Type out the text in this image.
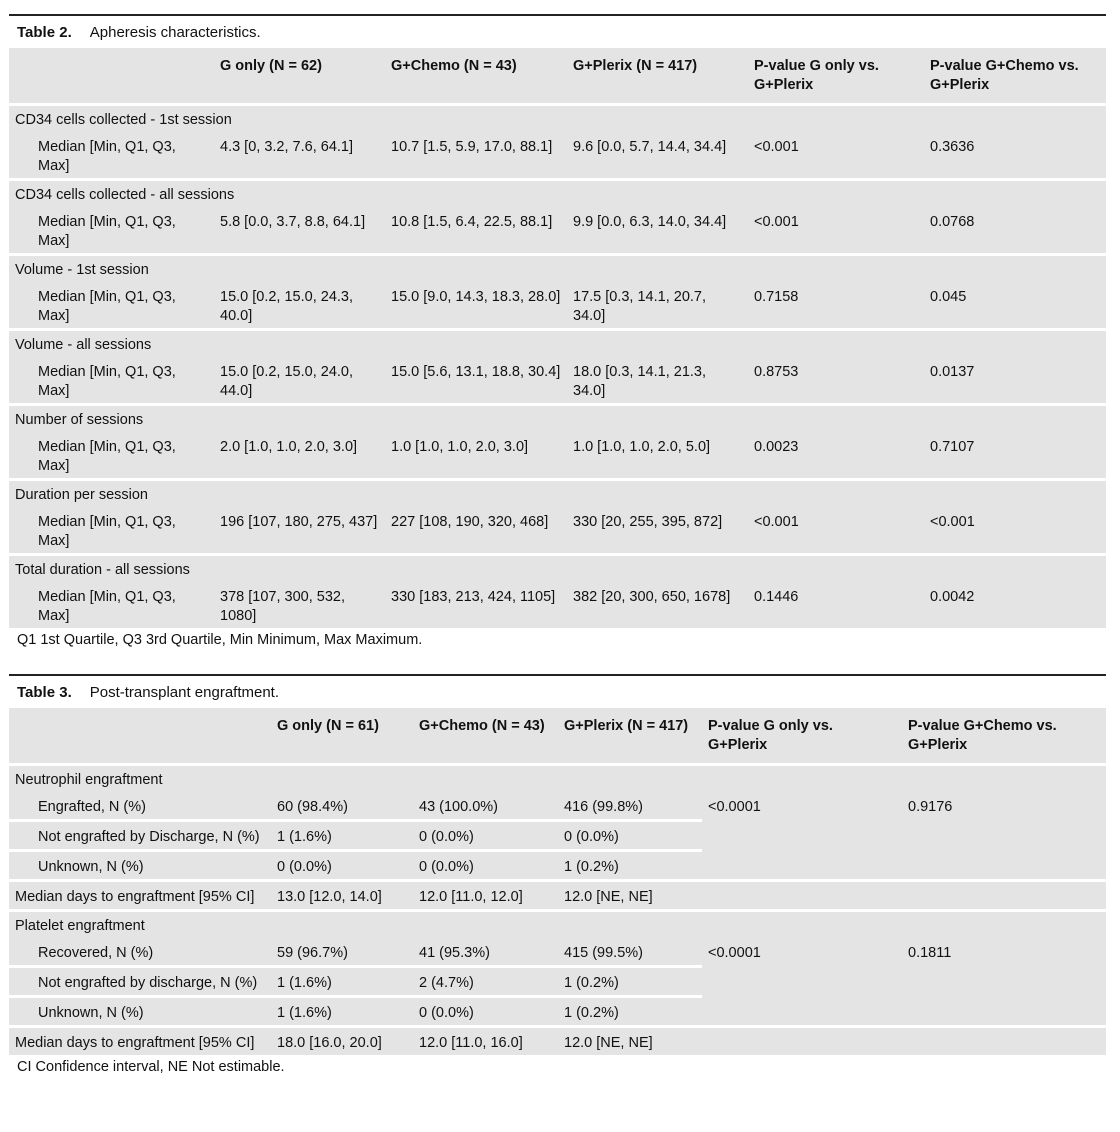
Table 2. Apheresis characteristics.
	G only (N = 62)	G+Chemo (N = 43)	G+Plerix (N = 417)	P-value G only vs. G+Plerix	P-value G+Chemo vs. G+Plerix
CD34 cells collected - 1st session					
Median [Min, Q1, Q3, Max]	4.3 [0, 3.2, 7.6, 64.1]	10.7 [1.5, 5.9, 17.0, 88.1]	9.6 [0.0, 5.7, 14.4, 34.4]	<0.001	0.3636
CD34 cells collected - all sessions					
Median [Min, Q1, Q3, Max]	5.8 [0.0, 3.7, 8.8, 64.1]	10.8 [1.5, 6.4, 22.5, 88.1]	9.9 [0.0, 6.3, 14.0, 34.4]	<0.001	0.0768
Volume - 1st session					
Median [Min, Q1, Q3, Max]	15.0 [0.2, 15.0, 24.3, 40.0]	15.0 [9.0, 14.3, 18.3, 28.0]	17.5 [0.3, 14.1, 20.7, 34.0]	0.7158	0.045
Volume - all sessions					
Median [Min, Q1, Q3, Max]	15.0 [0.2, 15.0, 24.0, 44.0]	15.0 [5.6, 13.1, 18.8, 30.4]	18.0 [0.3, 14.1, 21.3, 34.0]	0.8753	0.0137
Number of sessions					
Median [Min, Q1, Q3, Max]	2.0 [1.0, 1.0, 2.0, 3.0]	1.0 [1.0, 1.0, 2.0, 3.0]	1.0 [1.0, 1.0, 2.0, 5.0]	0.0023	0.7107
Duration per session					
Median [Min, Q1, Q3, Max]	196 [107, 180, 275, 437]	227 [108, 190, 320, 468]	330 [20, 255, 395, 872]	<0.001	<0.001
Total duration - all sessions					
Median [Min, Q1, Q3, Max]	378 [107, 300, 532, 1080]	330 [183, 213, 424, 1105]	382 [20, 300, 650, 1678]	0.1446	0.0042
Q1 1st Quartile, Q3 3rd Quartile, Min Minimum, Max Maximum.
Table 3. Post-transplant engraftment.
	G only (N = 61)	G+Chemo (N = 43)	G+Plerix (N = 417)	P-value G only vs. G+Plerix	P-value G+Chemo vs. G+Plerix
Neutrophil engraftment					
Engrafted, N (%)	60 (98.4%)	43 (100.0%)	416 (99.8%)	<0.0001	0.9176
Not engrafted by Discharge, N (%)	1 (1.6%)	0 (0.0%)	0 (0.0%)		
Unknown, N (%)	0 (0.0%)	0 (0.0%)	1 (0.2%)		
Median days to engraftment [95% CI]	13.0 [12.0, 14.0]	12.0 [11.0, 12.0]	12.0 [NE, NE]		
Platelet engraftment					
Recovered, N (%)	59 (96.7%)	41 (95.3%)	415 (99.5%)	<0.0001	0.1811
Not engrafted by discharge, N (%)	1 (1.6%)	2 (4.7%)	1 (0.2%)		
Unknown, N (%)	1 (1.6%)	0 (0.0%)	1 (0.2%)		
Median days to engraftment [95% CI]	18.0 [16.0, 20.0]	12.0 [11.0, 16.0]	12.0 [NE, NE]		
CI Confidence interval, NE Not estimable.
